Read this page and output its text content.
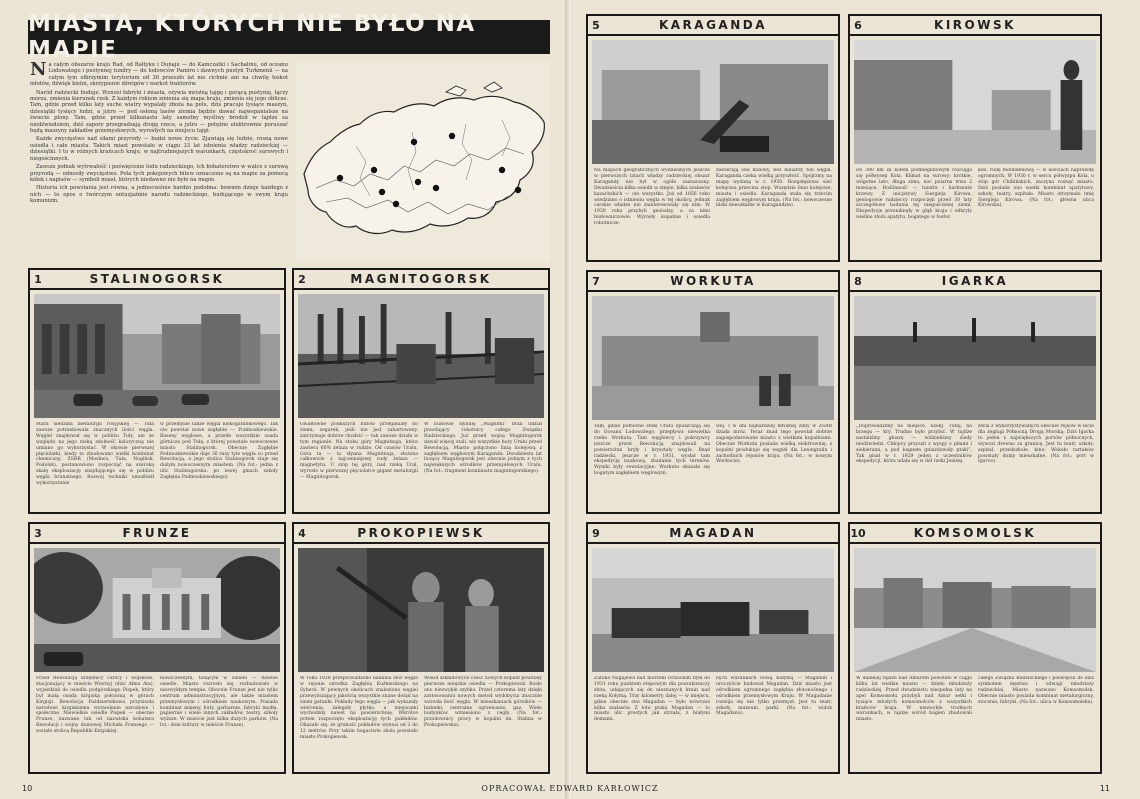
MIASTA, KTÓRYCH NIE BYŁO NA MAPIE

Na całym obszarze kraju Rad, od Bałtyku i Dunaju — do Kamczatki i Sachalinu, od oceanu Lodowatego i pustynnej tundry — do lodowców Pamiru i dawnych pustyń Turkmenii — na całym tym olbrzymim terytorium od 30 przeszło lat nie cichnie ani na chwilę łoskot młotów, dźwięk kielni, skrzypienie dźwigów i warkot traktorów.

Naród radziecki buduje. Wznosi fabryki i miasta, ożywia mroźną tajgę i gorącą pustynię, łączy morza, zmienia kierunek rzek. Z każdym rokiem zmienia się mapa kraju, zmienia się jego oblicze. Tam, gdzie przed kilku laty suche wiatry wypalały zboża na polu, dziś pracuje tysiące maszyn, dziesiątki tysięcy ludzi, a jutro — pod osłoną lasów ziemia będzie dawać najwspanialsze na świecie plony. Tam, gdzie przed kilkunastu laty samotny myśliwy brodził w tajdze za niedźwiedziem, dziś zapory przegradzają drogę rzece, a jutro — potężne elektrownie poruszać będą maszyny zakładów przemysłowych, wyrosłych na miejscu tajgi.

Każde zwycięstwo nad siłami przyrody — budzi nowe życie. Zjawiają się ludzie, rosną nowe osiedla i całe miasta. Takich miast powstało w ciągu 33 lat istnienia władzy radzieckiej — dziesiątki. I to w różnych krańcach kraju, w najtrudniejszych warunkach, częstokroć surowych i niegościnnych.

Zawsze jednak wytrwałość i poświęcenie ludu radzieckiego, ich bohaterstwo w walce z surową przyrodą — odnosiły zwycięstwo. Pola tych pokojowych bitew oznaczone są na mapie za pomocą kółek i napisów — symboli miast, których niedawno nie było na mapie.

Historia ich powstania jest równa, a jednocześnie bardzo podobna: bowiem dzieje każdego z nich — to epos o twórczym entuzjaźmie narodu radzieckiego, budującego w swym kraju komunizm.

1	STALINOGORSK
Stara siedziba metalurgii rosyjskiej — Tuła zawsze potrzebowała znacznych ilości węgla. Węgiel znajdował się w pobliżu Tuły, ale ze względu na jego niską zdolność kaloryczną nie umiano go wykorzystać. W okresie pierwszej pięciolatki, kiedy to zbudowano wielki kombinat chemiczny, ZSRR (Moskwa, Tuła, Nogińsk, Podolsk), postanowiono rozpocząć na szeroką skalę eksploatację znajdującego się w pobliżu węgla brunatnego. Rozwój techniki umożliwił wykorzystanie
w przemyśle także węgla niskogatunkowego. Tak oto powstał nowe zagłębie — Podmoskiewskie. Baseny węglowe, a przede wszystkim osada górnicza pod Tułą, z której powstało nowoczesne miasto Stalinogorsk. Obecnie Zagłębie Podmoskiewskie daje 36 razy tyle węgla co przed Rewolucją, a jego stolica Stalinogorsk staje się dużym nowoczesnym miastem. (Na fot.: jedna z ulic Stalinogorska: po lewej gmach szkoły Zagłębia Podmoskiewskiego).
2	MAGNITOGORSK
Gwałtowne podkutych butów przeganiały do ziemi; zegarek, jeśli nie jest zahartowany, zatrzymuje dobrze chodzić — tak zawsze działa w tym regionie. Na stoku góry Magnitnaja, która zawiera 60% żelaza w rudzie. Od czasów Uralu, Góra ta — to słynna Magnitnaja, złożona całkowicie z najcenniejszej rudy żelaza — magnetytu. U stóp tej góry, nad rzeką Ural, wyrosło w pierwszej pięciolatce gigant metalurgii — Magnitogorsk.
W budowie słynnej „Magnitki” brali udział przodujący robotnicy całego Związku Radzieckiego. Już przed wojną Magnitogorsk dawał więcej stali, niż wszystkie huty Uralu przed Rewolucją. Miasto połączono linią kolejową z zagłębiem węglowym Karaganda. Dwudziestu lat liczący Magnitogorsk jest obecnie jednym z tych największych ośrodków przemysłowych Uralu. (Na fot.: fragment kombinatu magnitogorskiego).
3	FRUNZE
Przed Rewolucją urzędnicy carscy i wojskowi, stacjonujący w mieście Wiernyj (dziś Ałma Ata), wyjeżdżali do osiedla podgórskiego Pispek, który był małą osadą kirgiską położoną w górach Kirgizji. Rewolucja Październikowa przyniosła narodowi kirgiskiemu wyzwolenie narodowe i społeczne. Niewielkie osiedle Pispek — obecnie Frunze, nazwane tak od nazwiska bohatera Rewolucji i wojny domowej Michała Frunzego — zostało stolicą Republiki Kirgiskiej.
nowoczesnym, tonącym w zieleni — dawnie osiedle. Miasto rozrosło się, rozbudowało w niezwykłym tempie. Obecnie Frunze jest nie tylko centrum administracyjnym, ale także miastem przemysłowym i ośrodkiem naukowym. Posiada kombinat mięsny, huty, garbarnie, fabryki mydła, papiernie i wiele innych zakładów, teatry, szkoły wyższe. W mieście jest kilka dużych parków. (Na fot.: dom kultury w mieście Frunze).
4	PROKOPIEWSK
W roku 1928 przeprowadzono badania złóż węgla w rejonie ośrodka Zagłębia Kuźnieckiego na Syberii. W pewnych okolicach znaleziono węgiel przewyższający jakością wszystkie znane dotąd na ziemi gatunki. Pokłady tego węgla — jak wykazały wiercenia, zalegały płytko, a miejscami wychodziły nawet na powierzchnię. Wkrótce potem rozpoczęto eksploatację tych pokładów. Okazało się, że grubość pokładów wynosi od 2 do 12 metrów. Przy takim bogactwie złoża powstało miasto Prokopiewsk.
Wokół szkładowych cześć nowych kopalń powstały pierwsze miejskie osiedla — Prokopiewsk. Rosło ono niezwykle szybko. Przed czterema laty dzięki zastosowaniu nowych metod wydobycia znacznie wzrosła ilość węgla. W mieszkaniach górników — łazienki, centralne ogrzewanie, gaz. Wiele budynków wzniesiono z cegły. (Na fot.: przodownicy pracy w kopalni im. Stalina w Prokopiewsku).
5	KARAGANDA
Na mapach geograficznych wydawanych jeszcze w pierwszych latach władzy radzieckiej obszar Karagandy nie był w ogóle zaznaczony. Dwadzieścia kilka osiedli w stepie, kilka szałasów kazachskich — oto wszystko. Już od 1856 roku wiedziano o istnieniu węgla w tej okolicy, jednak carskie władze nie zainteresowały się nim. W 1930 roku przybyli geolodzy, a za nimi budowniczowie. Wyrosły kopalnie i osiedla robotnicze.
zawierają one miliony, bez miliardy ton węgla. Karaganda czeka wielką przyszłość. Spójrzmy na mapę wydaną w r. 1950. Rozgałęziona sieć kolejowa przecina step. Wszędzie linie kolejowe, miasta i osiedla. Karaganda stała się trzecim zagłębiem węglowym kraju. (Na fot.: nowoczesne bloki mieszkalne w Karagandzie).
6	KIROWSK
Do 380 km za kołem podbiegunowym rozciąga się półwysep Kola. Klimat na surowy: krótkie, wilgotne lato, długa zima, noc polarna trwa 2 miesiące. Roślinność — tundra i karłowate krzewy. Z inicjatywy Siergieja Kirowa, geologowie radzieccy rozpoczęli przed 30 laty szczegółowe badania tej niegościnnej ziemi. Ekspedycje przeniknęły w głąb kraju i odkryły wielkie złoża apatytu, bogatego w fosfor.
kiel, rudę molibdenową — w ilościach naprawdę ogromnych. W 1930 r. w sercu półwyspu Kola, u stóp gór Chibińskich, zaczyna rosnąć miasto. Dziś posiada ono wielki kombinat apatytowy, szkoły, teatry, szpitale. Miasto otrzymało imię Siergieja Kirowa. (Na fot.: główna ulica Kirowska).
7	WORKUTA
Tam, gdzie północne stoki Uralu opuszczają się do Oceanu Lodowatego, przepływa niewielka rzeka Workuta. Tam węglowcy i pokrzywcy jeszcze przed Rewolucją znajdowali na powierzchni bryły i kryształy węgla. Rząd radziecki, jeszcze w r. 1931, wysłał tam ekspedycję naukową, zbadanie tych terenów. Wyniki były rewelacyjne: Workuta okazała się bogatym zagłębiem węglowym.
wej. I w dni najbardziej mroźnej zimy w ZSRR działa mróz. Teraz znad tego powstał dobrze zagospodarowane miasto z wielkimi kopalniami. Obecnie Workuta posiada wielką elektrownię, z kopalni produkuje się węgiel dla Leningradu i zachodnich rejonów kraju. (Na fot.: w nowym Workucie).
8	IGARKA
„Doprowadzimy na miejsce, Szołg. Tutaj, na brzegu — kry. Trudno było przybić. W tajdze zastaliśmy głuszę — widzieliśmy ślady niedźwiedzi. Chłopcy przyszli z wyspy z piłami i siekierami, a pod bagnem gniazdowały ptaki”. Tak pisał w r. 1929 jeden z uczestników ekspedycji, która udała się w dół rzeki Jenisej.
zeria z wykorzystywanych obecnie rejsów w lecie dla żeglugi Północną Drogą Morską. Dziś Igarka to jeden z największych portów północnych, wywozi drewno za granicę. Jest tu teatr, szkoły, szpital, przedszkole, kino. Wokoło tartaków powstały domy mieszkalne. (Na fot.: port w Igarce).
9	MAGADAN
Zatoka Nagajewa nad morzem Ochockim była do 1931 roku punktem etapowym dla poszukiwaczy złota, udających się do nieznanych krain nad rzeką Kołymą. Trzy kilometry dalej — w miejscu, gdzie obecnie stoi Magadan — było wówczas kilka szałasów. Z lotu ptaka Magadan — to miasto ulic prostych jak strzała, z białymi domami.
nych warunkach nową Kołymą — Magadan i uroczyście budował Magadan. Dziś miasto jest ośrodkiem ogromnego zagłębia złotonośnego i ośrodkiem przemysłowym Kraju. W Magadanie rozwija się nie tylko przemysł. Jest tu teatr, szkoły, muzeum, parki. (Na fot.: widok Magadanu).
10	KOMSOMOLSK
W dalekiej tajdze nad Amurem powstało w ciągu kilku lat wielkie miasto — dzieło młodzieży radzieckiej. Przed dwudziestu niespełna laty na apel Komsomołu przybyli nad Amur setki i tysiące młodych komsomolców z wszystkich krańców kraju. W niezwykle trudnych warunkach, w tajdze wśród bagien zbudowali miasto.
całego Związku Radzieckiego i poświęcili do dziś symbolem męstwa i odwagi młodzieży radzieckiej. Miasto nazwano Komsomolsk. Obecnie miasto posiada kombinat metalurgiczny, stocznie, fabryki. (Na fot.: ulica w Komsomolsku).
10	OPRACOWAŁ EDWARD KARŁOWICZ	11
